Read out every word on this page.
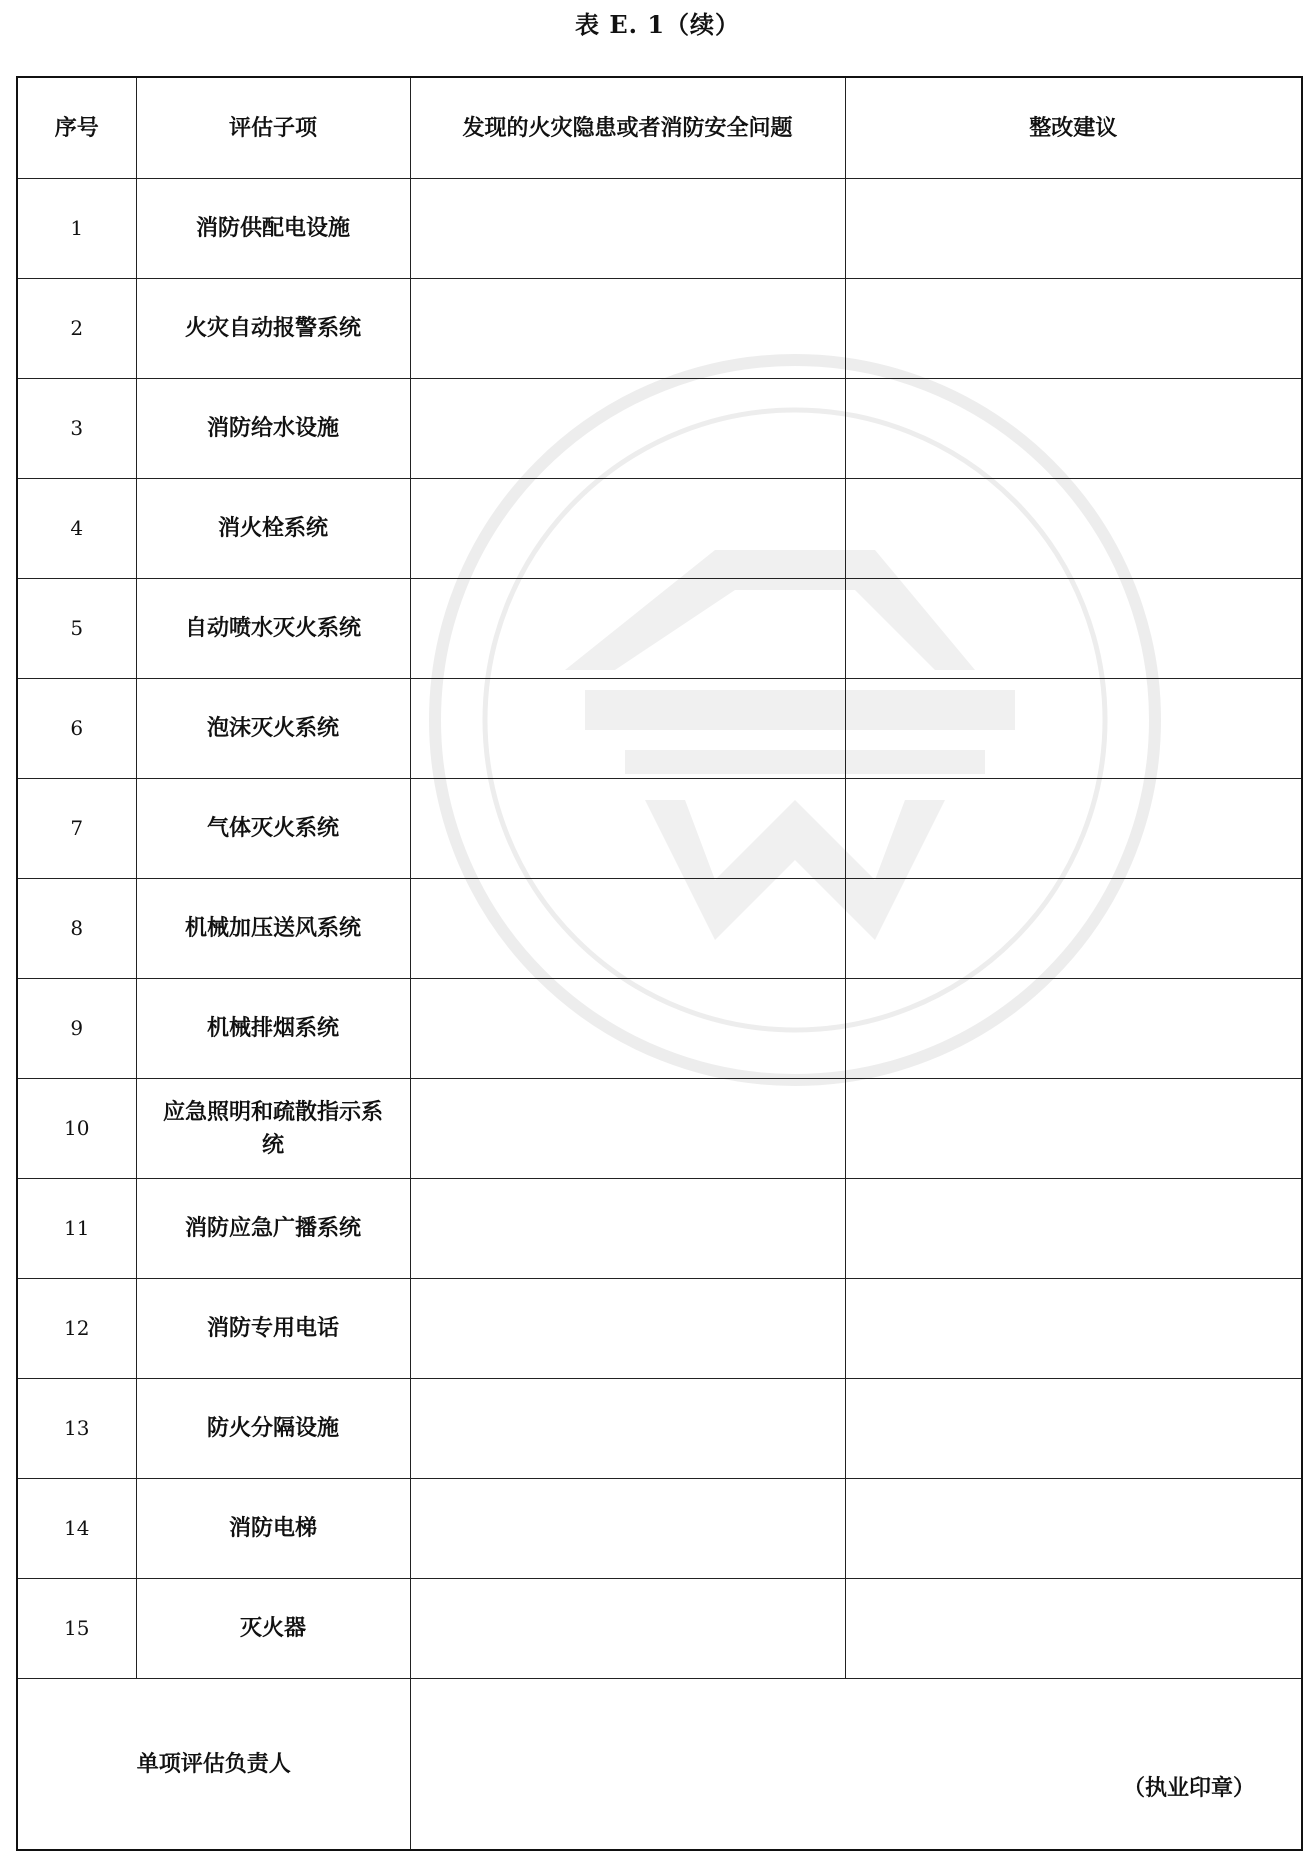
表 E. 1（续）
序号	评估子项	发现的火灾隐患或者消防安全问题	整改建议
1	消防供配电设施		
2	火灾自动报警系统		
3	消防给水设施		
4	消火栓系统		
5	自动喷水灭火系统		
6	泡沫灭火系统		
7	气体灭火系统		
8	机械加压送风系统		
9	机械排烟系统		
10	应急照明和疏散指示系统		
11	消防应急广播系统		
12	消防专用电话		
13	防火分隔设施		
14	消防电梯		
15	灭火器		
单项评估负责人		（执业印章）	
